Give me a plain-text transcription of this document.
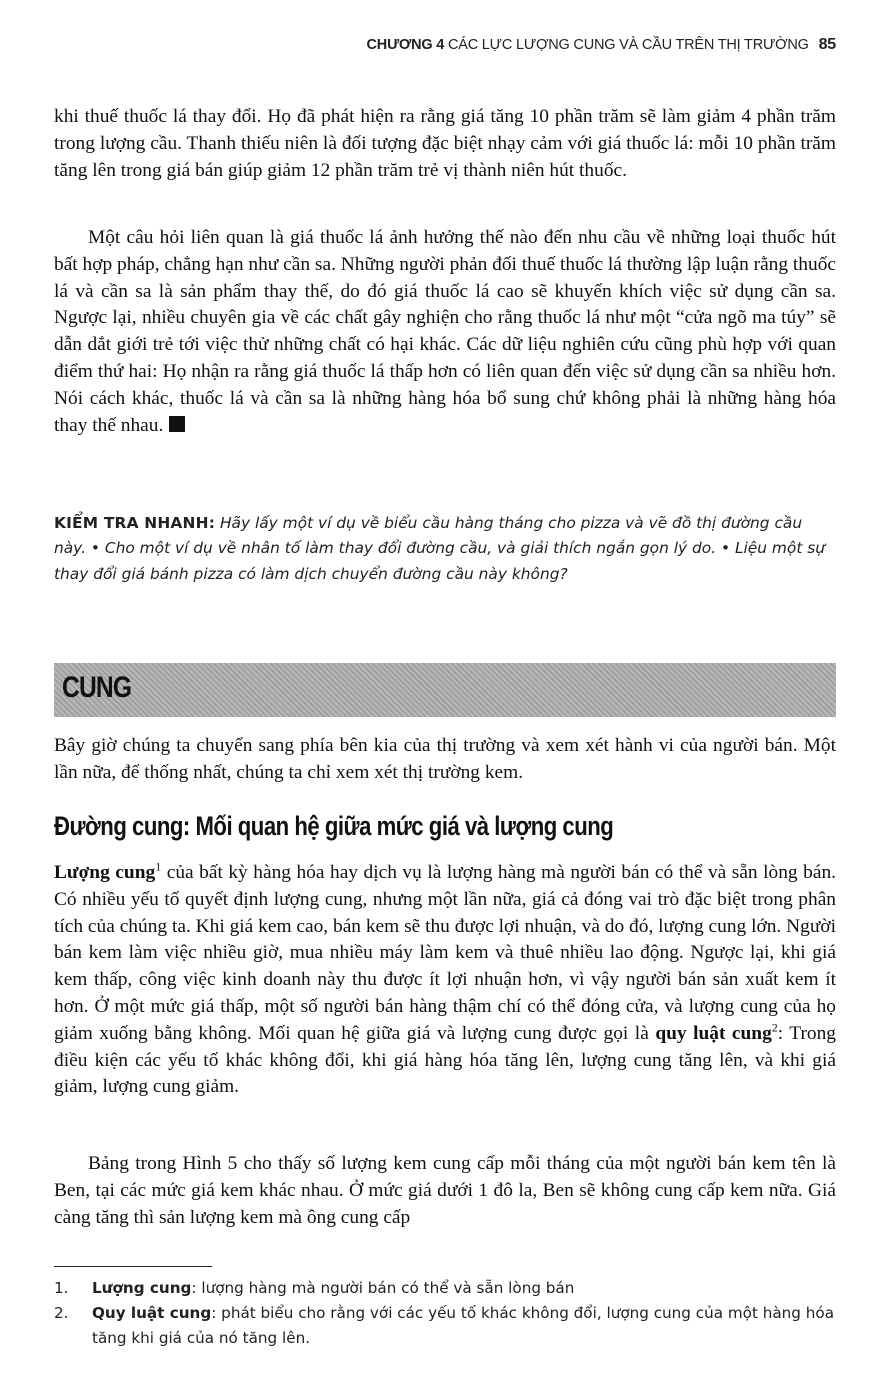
CHƯƠNG 4 CÁC LỰC LƯỢNG CUNG VÀ CẦU TRÊN THỊ TRƯỜNG 85

khi thuế thuốc lá thay đổi. Họ đã phát hiện ra rằng giá tăng 10 phần trăm sẽ làm giảm 4 phần trăm trong lượng cầu. Thanh thiếu niên là đối tượng đặc biệt nhạy cảm với giá thuốc lá: mỗi 10 phần trăm tăng lên trong giá bán giúp giảm 12 phần trăm trẻ vị thành niên hút thuốc.

Một câu hỏi liên quan là giá thuốc lá ảnh hưởng thế nào đến nhu cầu về những loại thuốc hút bất hợp pháp, chẳng hạn như cần sa. Những người phản đối thuế thuốc lá thường lập luận rằng thuốc lá và cần sa là sản phẩm thay thế, do đó giá thuốc lá cao sẽ khuyến khích việc sử dụng cần sa. Ngược lại, nhiều chuyên gia về các chất gây nghiện cho rằng thuốc lá như một “cửa ngõ ma túy” sẽ dẫn dắt giới trẻ tới việc thử những chất có hại khác. Các dữ liệu nghiên cứu cũng phù hợp với quan điểm thứ hai: Họ nhận ra rằng giá thuốc lá thấp hơn có liên quan đến việc sử dụng cần sa nhiều hơn. Nói cách khác, thuốc lá và cần sa là những hàng hóa bổ sung chứ không phải là những hàng hóa thay thế nhau.

KIỂM TRA NHANH: Hãy lấy một ví dụ về biểu cầu hàng tháng cho pizza và vẽ đồ thị đường cầu này. • Cho một ví dụ về nhân tố làm thay đổi đường cầu, và giải thích ngắn gọn lý do. • Liệu một sự thay đổi giá bánh pizza có làm dịch chuyển đường cầu này không?

CUNG

Bây giờ chúng ta chuyển sang phía bên kia của thị trường và xem xét hành vi của người bán. Một lần nữa, để thống nhất, chúng ta chỉ xem xét thị trường kem.

Đường cung: Mối quan hệ giữa mức giá và lượng cung

Lượng cung$^1$ của bất kỳ hàng hóa hay dịch vụ là lượng hàng mà người bán có thể và sẵn lòng bán. Có nhiều yếu tố quyết định lượng cung, nhưng một lần nữa, giá cả đóng vai trò đặc biệt trong phân tích của chúng ta. Khi giá kem cao, bán kem sẽ thu được lợi nhuận, và do đó, lượng cung lớn. Người bán kem làm việc nhiều giờ, mua nhiều máy làm kem và thuê nhiều lao động. Ngược lại, khi giá kem thấp, công việc kinh doanh này thu được ít lợi nhuận hơn, vì vậy người bán sản xuất kem ít hơn. Ở một mức giá thấp, một số người bán hàng thậm chí có thể đóng cửa, và lượng cung của họ giảm xuống bằng không. Mối quan hệ giữa giá và lượng cung được gọi là quy luật cung$^2$: Trong điều kiện các yếu tố khác không đổi, khi giá hàng hóa tăng lên, lượng cung tăng lên, và khi giá giảm, lượng cung giảm.

Bảng trong Hình 5 cho thấy số lượng kem cung cấp mỗi tháng của một người bán kem tên là Ben, tại các mức giá kem khác nhau. Ở mức giá dưới 1 đô la, Ben sẽ không cung cấp kem nữa. Giá càng tăng thì sản lượng kem mà ông cung cấp

1. Lượng cung: lượng hàng mà người bán có thể và sẵn lòng bán

2. Quy luật cung: phát biểu cho rằng với các yếu tố khác không đổi, lượng cung của một hàng hóa tăng khi giá của nó tăng lên.
